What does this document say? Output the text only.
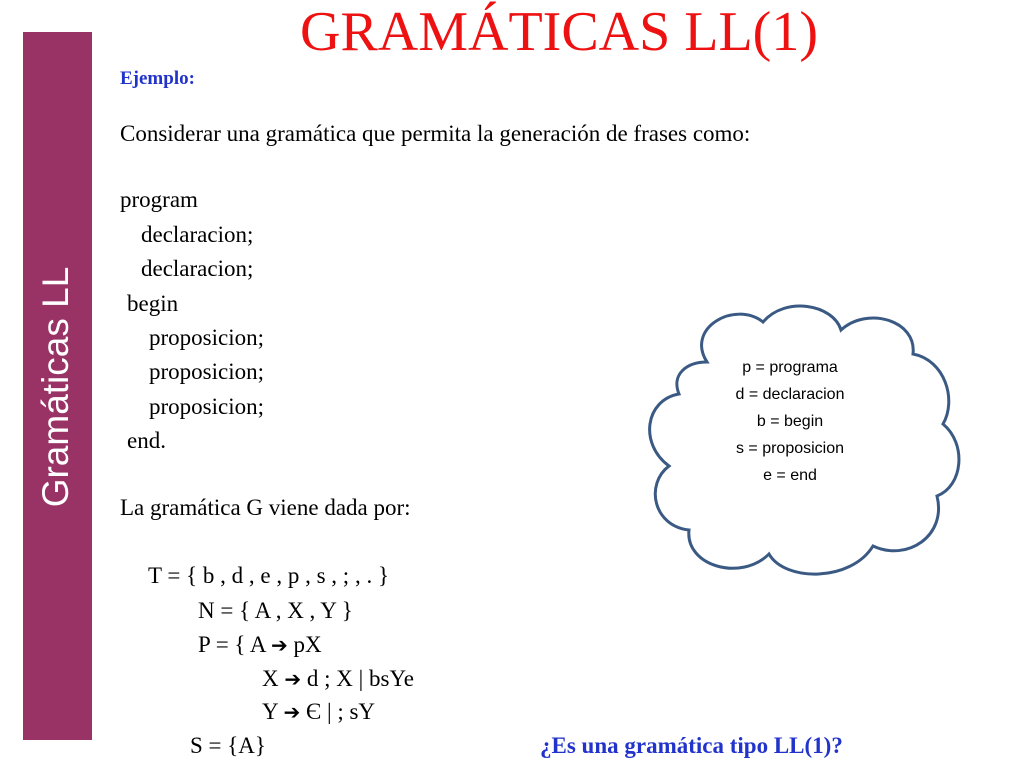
Gramáticas LL
GRAMÁTICAS LL(1)
Ejemplo:
Considerar una gramática que permita la generación de frases como:
program
declaracion;
declaracion;
begin
proposicion;
proposicion;
proposicion;
end.
La gramática G viene dada por:
T = { b , d , e , p , s , ; , . }
N = { A , X , Y }
P = { A ➔ pX
X ➔ d ; X | bsYe
Y ➔ Є | ; sY
S = {A}	¿Es una gramática tipo LL(1)?
p = programa
d = declaracion
b = begin
s = proposicion
e = end
